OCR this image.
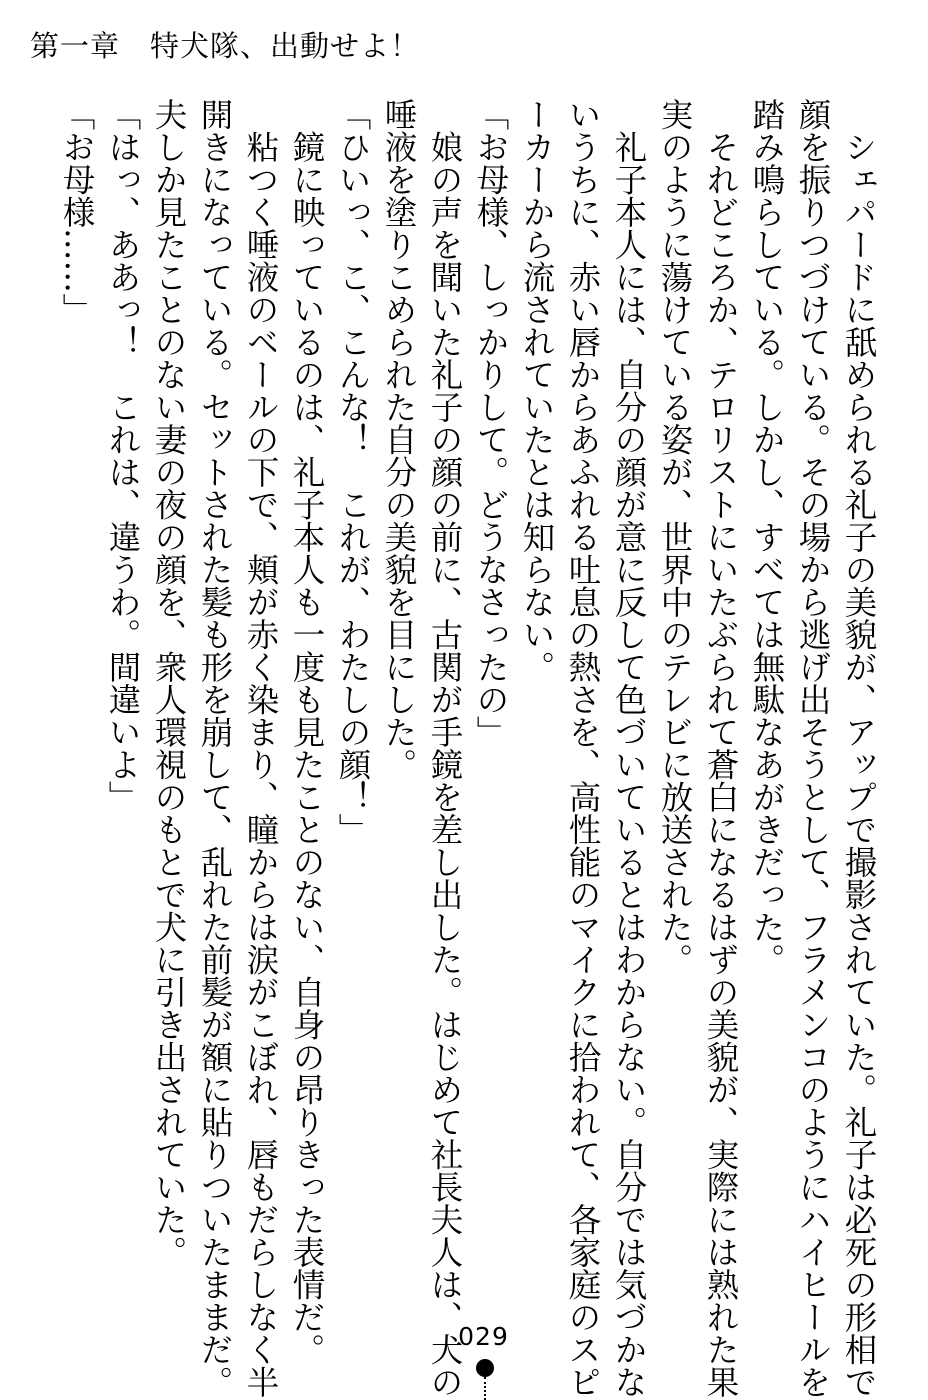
第一章　特犬隊、出動せよ！
　シェパードに舐められる礼子の美貌が、アップで撮影されていた。礼子は必死の形相で
顔を振りつづけている。その場から逃げ出そうとして、フラメンコのようにハイヒールを
踏み鳴らしている。しかし、すべては無駄なあがきだった。
　それどころか、テロリストにいたぶられて蒼白になるはずの美貌が、実際には熟れた果
実のように蕩けている姿が、世界中のテレビに放送された。
　礼子本人には、自分の顔が意に反して色づいているとはわからない。自分では気づかな
いうちに、赤い唇からあふれる吐息の熱さを、高性能のマイクに拾われて、各家庭のスピ
ーカーから流されていたとは知らない。
「お母様、しっかりして。どうなさったの」
　娘の声を聞いた礼子の顔の前に、古関が手鏡を差し出した。はじめて社長夫人は、犬の
唾液を塗りこめられた自分の美貌を目にした。
「ひいっ、こ、こんな！　これが、わたしの顔！」
　鏡に映っているのは、礼子本人も一度も見たことのない、自身の昂りきった表情だ。
　粘つく唾液のベールの下で、頬が赤く染まり、瞳からは涙がこぼれ、唇もだらしなく半
開きになっている。セットされた髪も形を崩して、乱れた前髪が額に貼りついたままだ。
夫しか見たことのない妻の夜の顔を、衆人環視のもとで犬に引き出されていた。
「はっ、ああっ！　これは、違うわ。間違いよ」
「お母様……」
029
